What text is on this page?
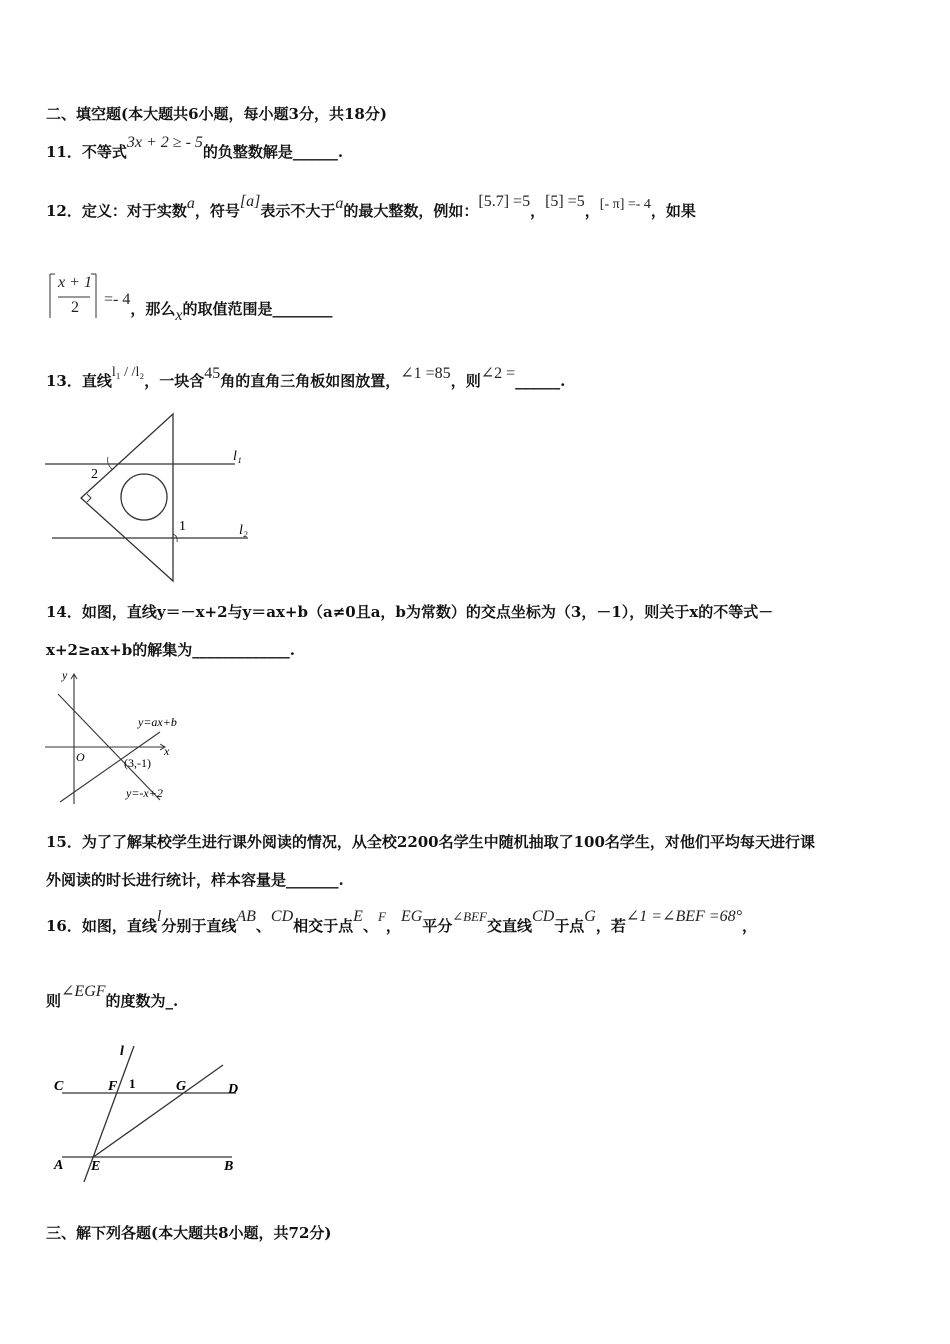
二、填空题(本大题共6小题，每小题3分，共18分)
11．不等式3x + 2 ≥ - 5的负整数解是______.
12．定义：对于实数a，符号[a]表示不大于a的最大整数，例如：[5.7] =5，[5] =5，[- π] =- 4，如果
x + 1
2	=- 4，那么x的取值范围是________
13．直线l₁ / /l₂，一块含45角的直角三角板如图放置，∠1 =85，则∠2 =______.
2
1
l₁
l₂
14．如图，直线y＝－x+2与y＝ax+b（a≠0且a，b为常数）的交点坐标为（3，－1），则关于x的不等式－
x+2≥ax+b的解集为_____________.
y
x
O	(3,-1)
y=ax+b
y=-x+2
15．为了了解某校学生进行课外阅读的情况，从全校2200名学生中随机抽取了100名学生，对他们平均每天进行课
外阅读的时长进行统计，样本容量是_______.
16．如图，直线l分别于直线AB、CD相交于点E、F，EG平分∠BEF交直线CD于点G，若∠1 =∠BEF =68°，
则∠EGF的度数为_.
l
C	F 1	G	D
A E	B
三、解下列各题(本大题共8小题，共72分)
